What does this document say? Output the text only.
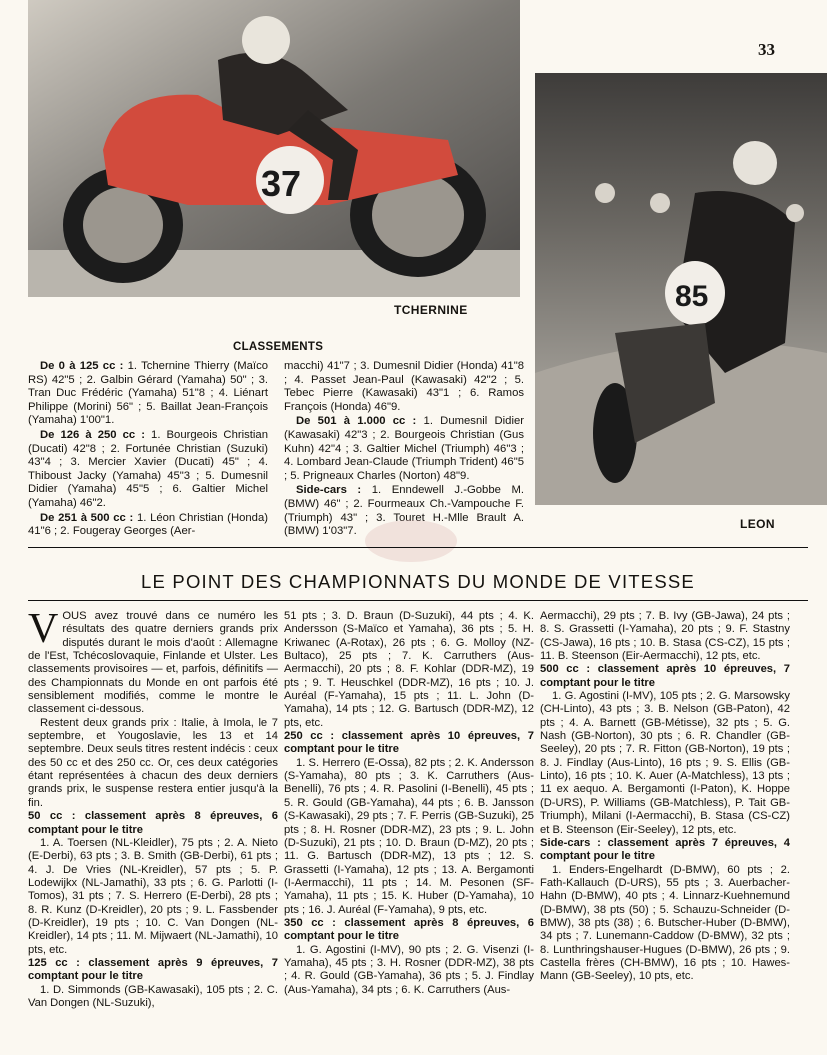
37
85
33
TCHERNINE
LEON
CLASSEMENTS

De 0 à 125 cc : 1. Tchernine Thierry (Maïco RS) 42"5 ; 2. Galbin Gérard (Yamaha) 50" ; 3. Tran Duc Frédéric (Yamaha) 51"8 ; 4. Liénart Philippe (Morini) 56" ; 5. Baillat Jean-François (Yamaha) 1'00"1.

De 126 à 250 cc : 1. Bourgeois Christian (Ducati) 42"8 ; 2. Fortunée Christian (Suzuki) 43"4 ; 3. Mercier Xavier (Ducati) 45" ; 4. Thiboust Jacky (Yamaha) 45"3 ; 5. Dumesnil Didier (Yamaha) 45"5 ; 6. Galtier Michel (Yamaha) 46"2.

De 251 à 500 cc : 1. Léon Christian (Honda) 41"6 ; 2. Fougeray Georges (Aer-

macchi) 41"7 ; 3. Dumesnil Didier (Honda) 41"8 ; 4. Passet Jean-Paul (Kawasaki) 42"2 ; 5. Tebec Pierre (Kawasaki) 43"1 ; 6. Ramos François (Honda) 46"9.

De 501 à 1.000 cc : 1. Dumesnil Didier (Kawasaki) 42"3 ; 2. Bourgeois Christian (Gus Kuhn) 42"4 ; 3. Galtier Michel (Triumph) 46"3 ; 4. Lombard Jean-Claude (Triumph Trident) 46"5 ; 5. Prigneaux Charles (Norton) 48"9.

Side-cars : 1. Enndewell J.-Gobbe M. (BMW) 46" ; 2. Fourmeaux Ch.-Vampouche F. (Triumph) 43" ; 3. Touret H.-Mlle Brault A. (BMW) 1'03"7.

LE POINT DES CHAMPIONNATS DU MONDE DE VITESSE

VOUS avez trouvé dans ce numéro les résultats des quatre derniers grands prix disputés durant le mois d'août : Allemagne de l'Est, Tchécoslovaquie, Finlande et Ulster. Les classements provisoires — et, parfois, définitifs — des Championnats du Monde en ont parfois été sensiblement modifiés, comme le montre le classement ci-dessous.

Restent deux grands prix : Italie, à Imola, le 7 septembre, et Yougoslavie, les 13 et 14 septembre. Deux seuls titres restent indécis : ceux des 50 cc et des 250 cc. Or, ces deux catégories étant représentées à chacun des deux derniers grands prix, le suspense restera entier jusqu'à la fin.

50 cc : classement après 8 épreuves, 6 comptant pour le titre

1. A. Toersen (NL-Kleidler), 75 pts ; 2. A. Nieto (E-Derbi), 63 pts ; 3. B. Smith (GB-Derbi), 61 pts ; 4. J. De Vries (NL-Kreidler), 57 pts ; 5. P. Lodewijkx (NL-Jamathi), 33 pts ; 6. G. Parlotti (I-Tomos), 31 pts ; 7. S. Herrero (E-Derbi), 28 pts ; 8. R. Kunz (D-Kreidler), 20 pts ; 9. L. Fassbender (D-Kreidler), 19 pts ; 10. C. Van Dongen (NL-Kreidler), 14 pts ; 11. M. Mijwaert (NL-Jamathi), 10 pts, etc.

125 cc : classement après 9 épreuves, 7 comptant pour le titre

1. D. Simmonds (GB-Kawasaki), 105 pts ; 2. C. Van Dongen (NL-Suzuki),

51 pts ; 3. D. Braun (D-Suzuki), 44 pts ; 4. K. Andersson (S-Maïco et Yamaha), 36 pts ; 5. H. Kriwanec (A-Rotax), 26 pts ; 6. G. Molloy (NZ-Bultaco), 25 pts ; 7. K. Carruthers (Aus-Aermacchi), 20 pts ; 8. F. Kohlar (DDR-MZ), 19 pts ; 9. T. Heuschkel (DDR-MZ), 16 pts ; 10. J. Auréal (F-Yamaha), 15 pts ; 11. L. John (D-Yamaha), 14 pts ; 12. G. Bartusch (DDR-MZ), 12 pts, etc.

250 cc : classement après 10 épreuves, 7 comptant pour le titre

1. S. Herrero (E-Ossa), 82 pts ; 2. K. Andersson (S-Yamaha), 80 pts ; 3. K. Carruthers (Aus-Benelli), 76 pts ; 4. R. Pasolini (I-Benelli), 45 pts ; 5. R. Gould (GB-Yamaha), 44 pts ; 6. B. Jansson (S-Kawasaki), 29 pts ; 7. F. Perris (GB-Suzuki), 25 pts ; 8. H. Rosner (DDR-MZ), 23 pts ; 9. L. John (D-Suzuki), 21 pts ; 10. D. Braun (D-MZ), 20 pts ; 11. G. Bartusch (DDR-MZ), 13 pts ; 12. S. Grassetti (I-Yamaha), 12 pts ; 13. A. Bergamonti (I-Aermacchi), 11 pts ; 14. M. Pesonen (SF-Yamaha), 11 pts ; 15. K. Huber (D-Yamaha), 10 pts ; 16. J. Auréal (F-Yamaha), 9 pts, etc.

350 cc : classement après 8 épreuves, 6 comptant pour le titre

1. G. Agostini (I-MV), 90 pts ; 2. G. Visenzi (I-Yamaha), 45 pts ; 3. H. Rosner (DDR-MZ), 38 pts ; 4. R. Gould (GB-Yamaha), 36 pts ; 5. J. Findlay (Aus-Yamaha), 34 pts ; 6. K. Carruthers (Aus-

Aermacchi), 29 pts ; 7. B. Ivy (GB-Jawa), 24 pts ; 8. S. Grassetti (I-Yamaha), 20 pts ; 9. F. Stastny (CS-Jawa), 16 pts ; 10. B. Stasa (CS-CZ), 15 pts ; 11. B. Steenson (Eir-Aermacchi), 12 pts, etc.

500 cc : classement après 10 épreuves, 7 comptant pour le titre

1. G. Agostini (I-MV), 105 pts ; 2. G. Marsowsky (CH-Linto), 43 pts ; 3. B. Nelson (GB-Paton), 42 pts ; 4. A. Barnett (GB-Métisse), 32 pts ; 5. G. Nash (GB-Norton), 30 pts ; 6. R. Chandler (GB-Seeley), 20 pts ; 7. R. Fitton (GB-Norton), 19 pts ; 8. J. Findlay (Aus-Linto), 16 pts ; 9. S. Ellis (GB-Linto), 16 pts ; 10. K. Auer (A-Matchless), 13 pts ; 11 ex aequo. A. Bergamonti (I-Paton), K. Hoppe (D-URS), P. Williams (GB-Matchless), P. Tait GB-Triumph), Milani (I-Aermacchi), B. Stasa (CS-CZ) et B. Steenson (Eir-Seeley), 12 pts, etc.

Side-cars : classement après 7 épreuves, 4 comptant pour le titre

1. Enders-Engelhardt (D-BMW), 60 pts ; 2. Fath-Kallauch (D-URS), 55 pts ; 3. Auerbacher-Hahn (D-BMW), 40 pts ; 4. Linnarz-Kuehnemund (D-BMW), 38 pts (50) ; 5. Schauzu-Schneider (D-BMW), 38 pts (38) ; 6. Butscher-Huber (D-BMW), 34 pts ; 7. Lunemann-Caddow (D-BMW), 32 pts ; 8. Lunthringshauser-Hugues (D-BMW), 26 pts ; 9. Castella frères (CH-BMW), 16 pts ; 10. Hawes-Mann (GB-Seeley), 10 pts, etc.
